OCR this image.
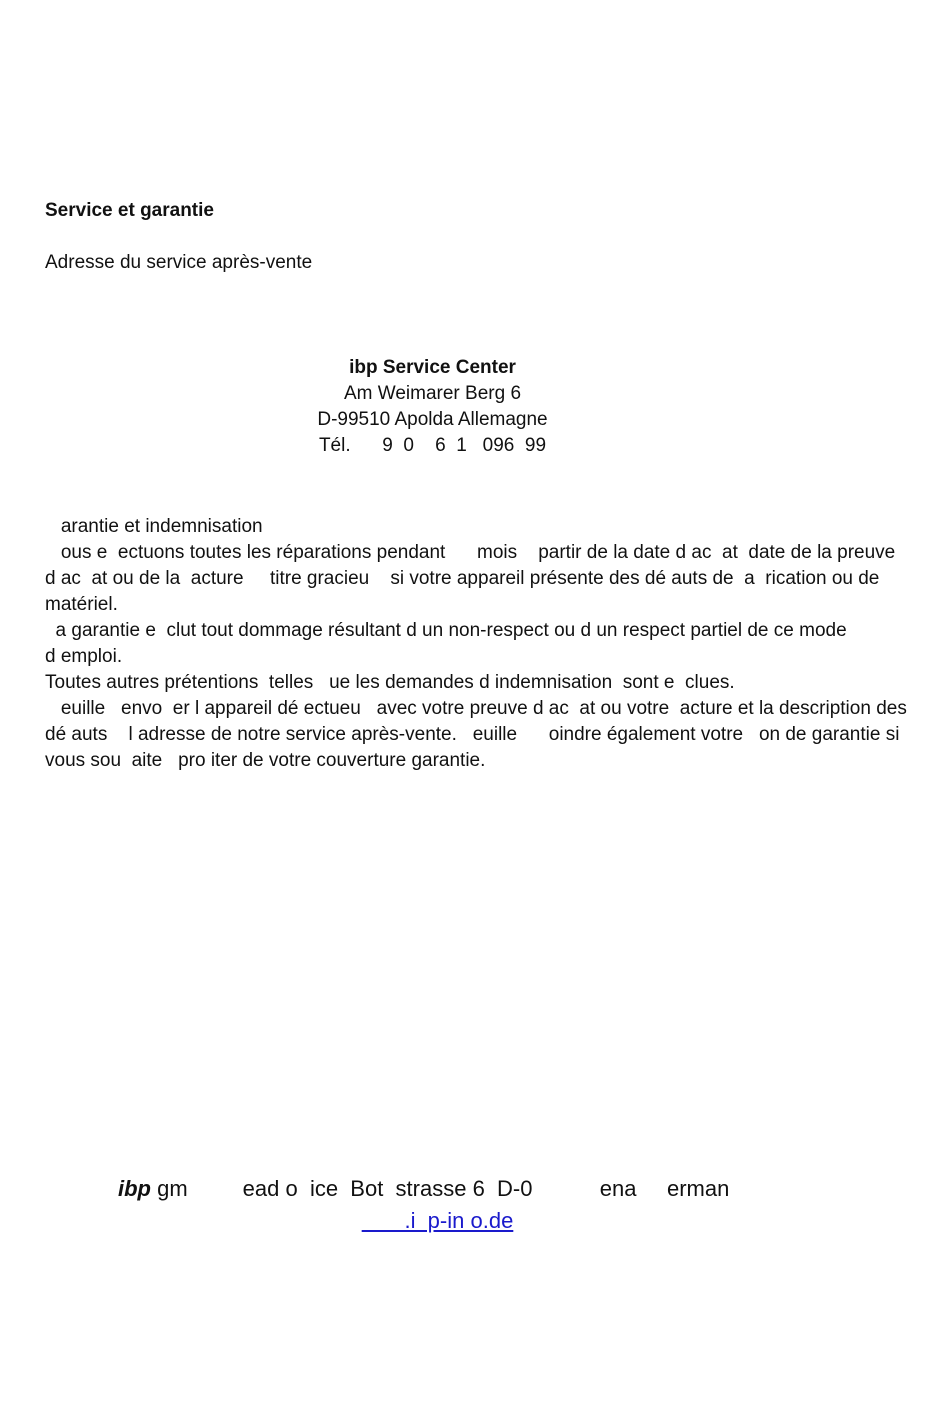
Service et garantie
Adresse du service après-vente
ibp Service Center
Am Weimarer Berg 6
D-99510 Apolda Allemagne
Tél.      9  0    6  1   096  99
arantie et indemnisation
ous e  ectuons toutes les réparations pendant      mois    partir de la date d ac  at  date de la preuve
d ac  at ou de la  acture     titre gracieu    si votre appareil présente des dé auts de  a  rication ou de
matériel.
a garantie e  clut tout dommage résultant d un non-respect ou d un respect partiel de ce mode
d emploi.
Toutes autres prétentions  telles   ue les demandes d indemnisation  sont e  clues.
euille   envo  er l appareil dé ectueu   avec votre preuve d ac  at ou votre  acture et la description des
dé auts    l adresse de notre service après-vente.   euille      oindre également votre   on de garantie si
vous sou  aite   pro iter de votre couverture garantie.
ibp gm         ead o  ice  Bot  strasse 6  D-0           ena     erman
.i  p-in o.de
